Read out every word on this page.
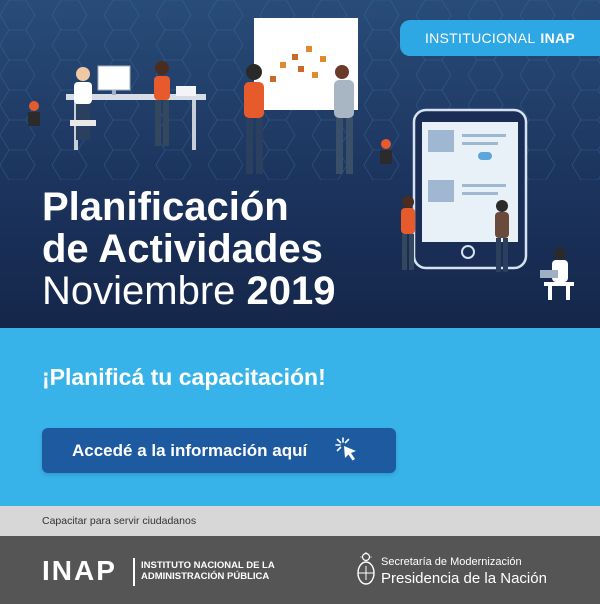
INSTITUCIONAL INAP
Planificación
de Actividades
Noviembre 2019
¡Planificá tu capacitación!
Accedé a la información aquí
Capacitar para servir ciudadanos
INAP	INSTITUTO NACIONAL DE LA
ADMINISTRACIÓN PÚBLICA
Secretaría de Modernización
Presidencia de la Nación
